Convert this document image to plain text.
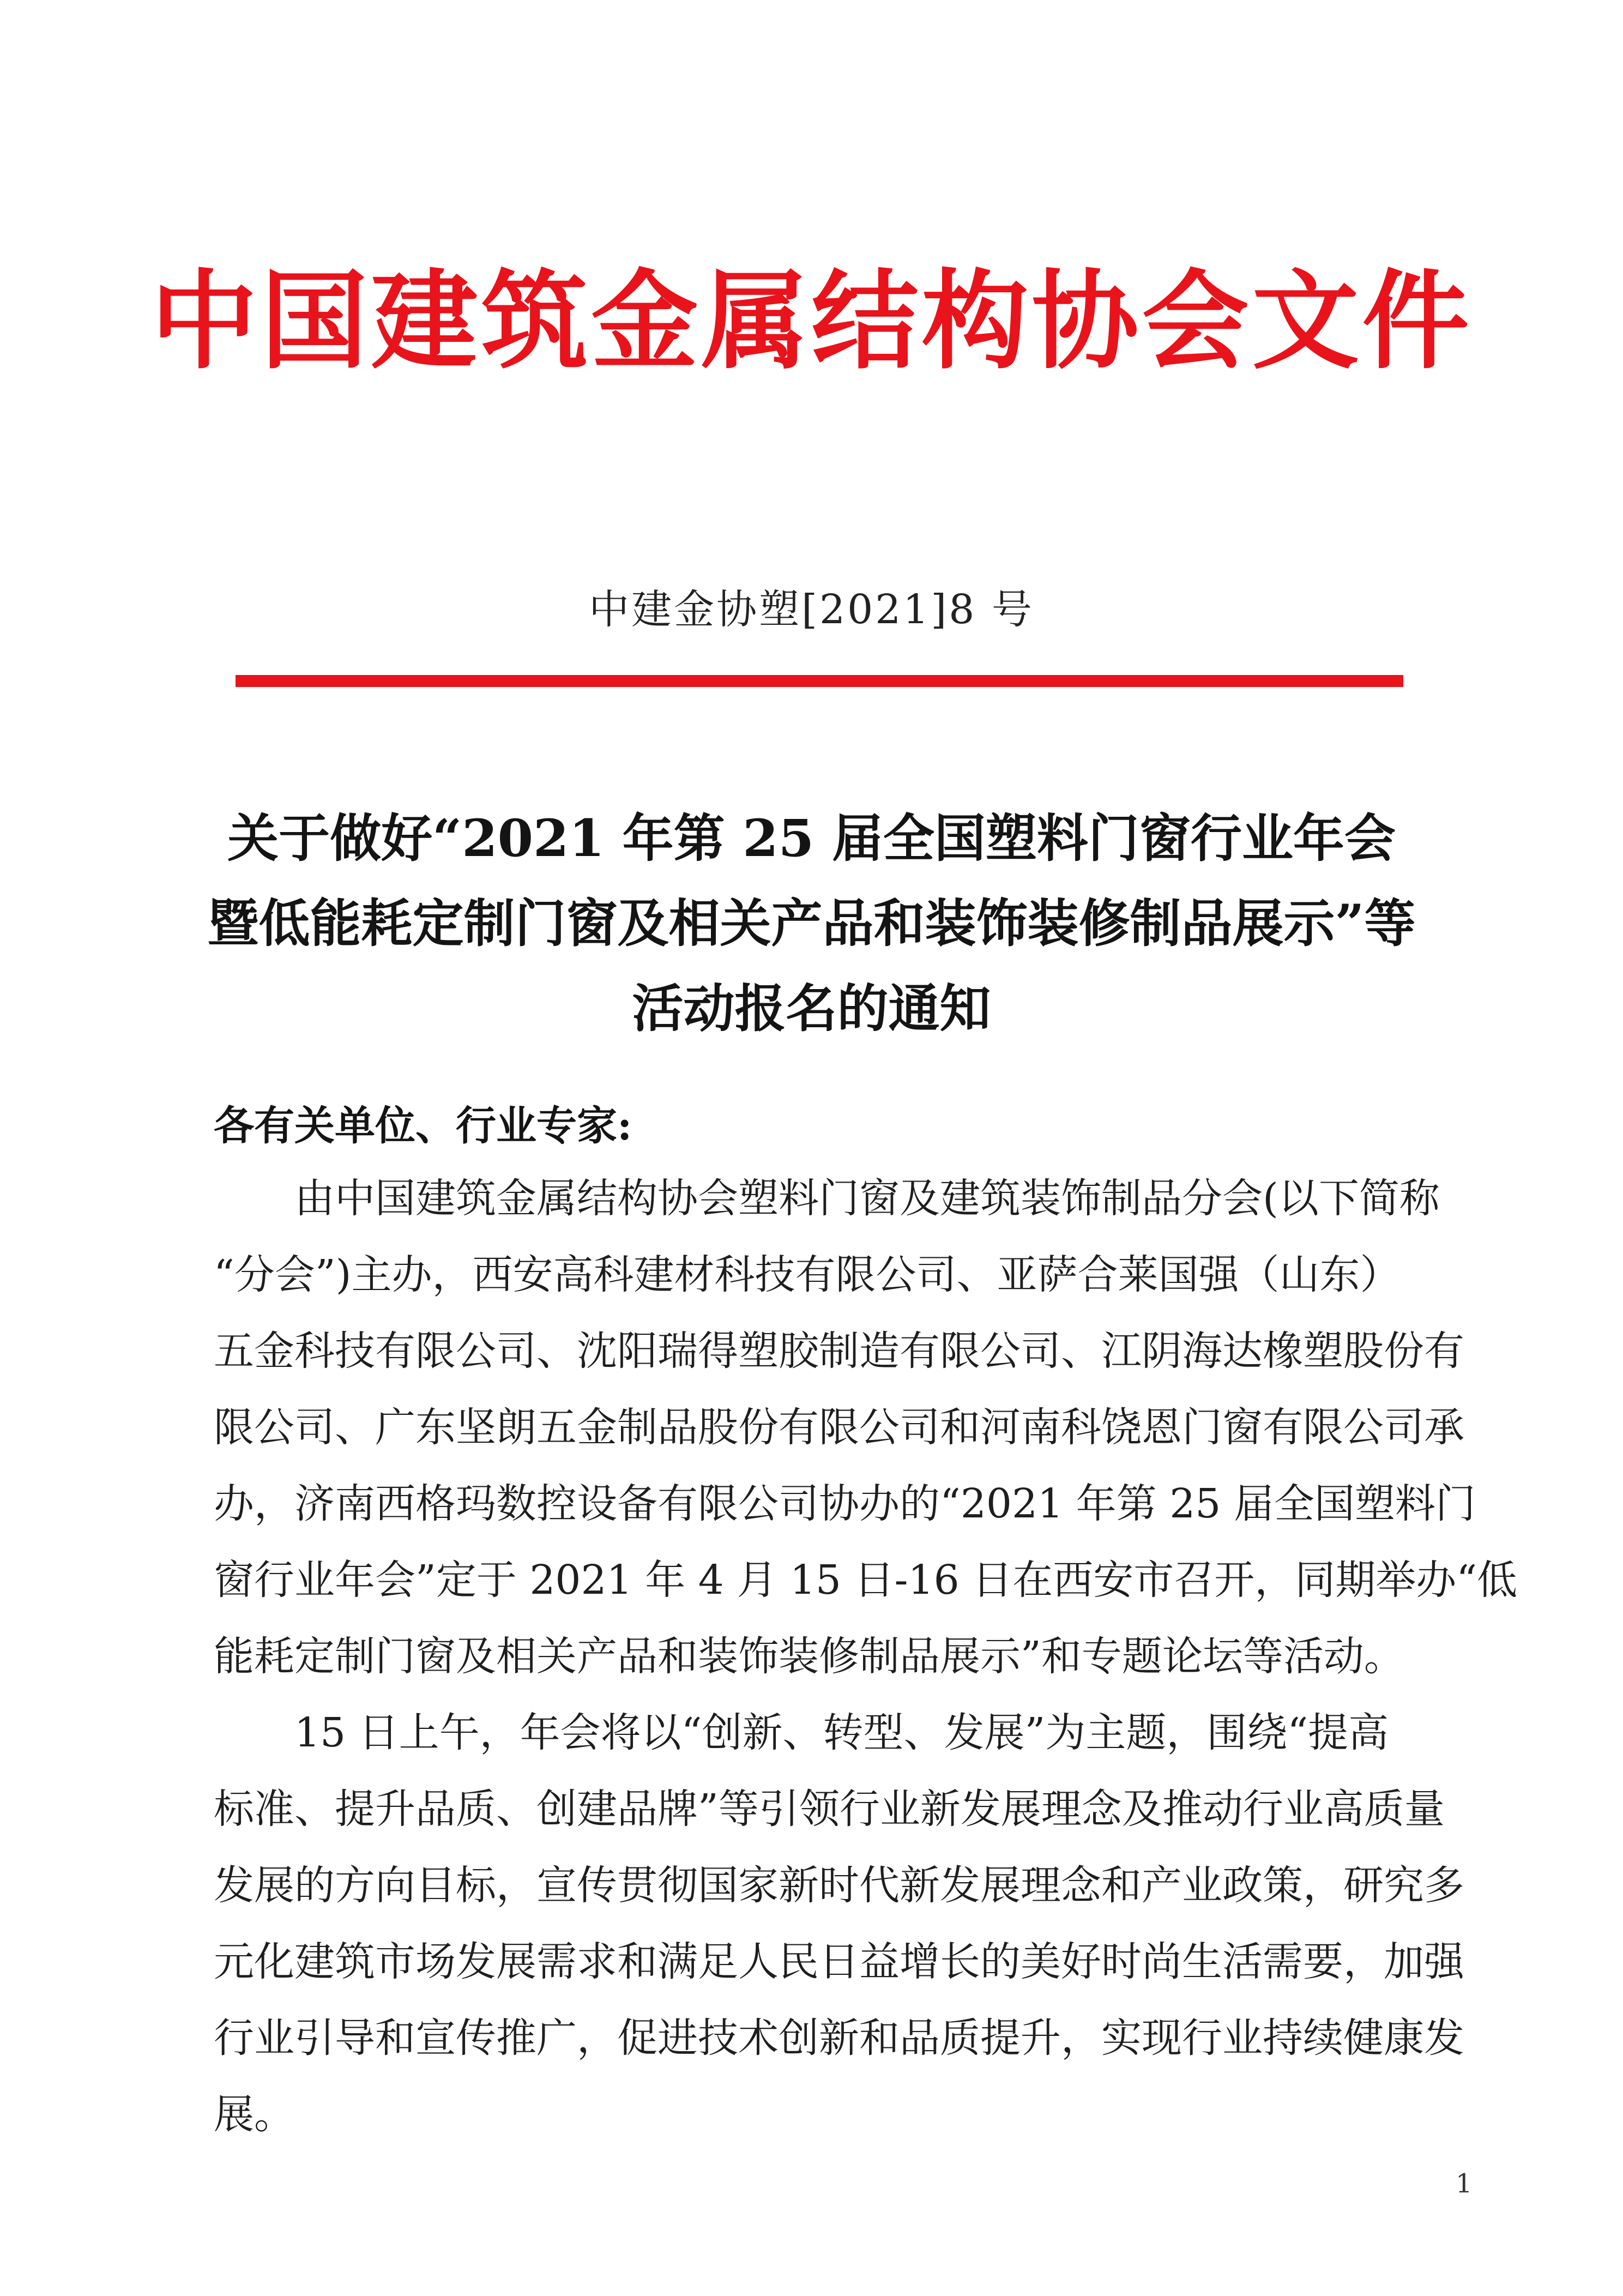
中国建筑金属结构协会文件
中建金协塑[2021]8 号
关于做好“2021 年第 25 届全国塑料门窗行业年会
暨低能耗定制门窗及相关产品和装饰装修制品展示”等
活动报名的通知
各有关单位、行业专家:
由中国建筑金属结构协会塑料门窗及建筑装饰制品分会(以下简称
“分会”)主办，西安高科建材科技有限公司、亚萨合莱国强（山东）
五金科技有限公司、沈阳瑞得塑胶制造有限公司、江阴海达橡塑股份有
限公司、广东坚朗五金制品股份有限公司和河南科饶恩门窗有限公司承
办，济南西格玛数控设备有限公司协办的“2021 年第 25 届全国塑料门
窗行业年会”定于 2021 年 4 月 15 日-16 日在西安市召开，同期举办“低
能耗定制门窗及相关产品和装饰装修制品展示”和专题论坛等活动。
15 日上午，年会将以“创新、转型、发展”为主题，围绕“提高
标准、提升品质、创建品牌”等引领行业新发展理念及推动行业高质量
发展的方向目标，宣传贯彻国家新时代新发展理念和产业政策，研究多
元化建筑市场发展需求和满足人民日益增长的美好时尚生活需要，加强
行业引导和宣传推广，促进技术创新和品质提升，实现行业持续健康发
展。
1
